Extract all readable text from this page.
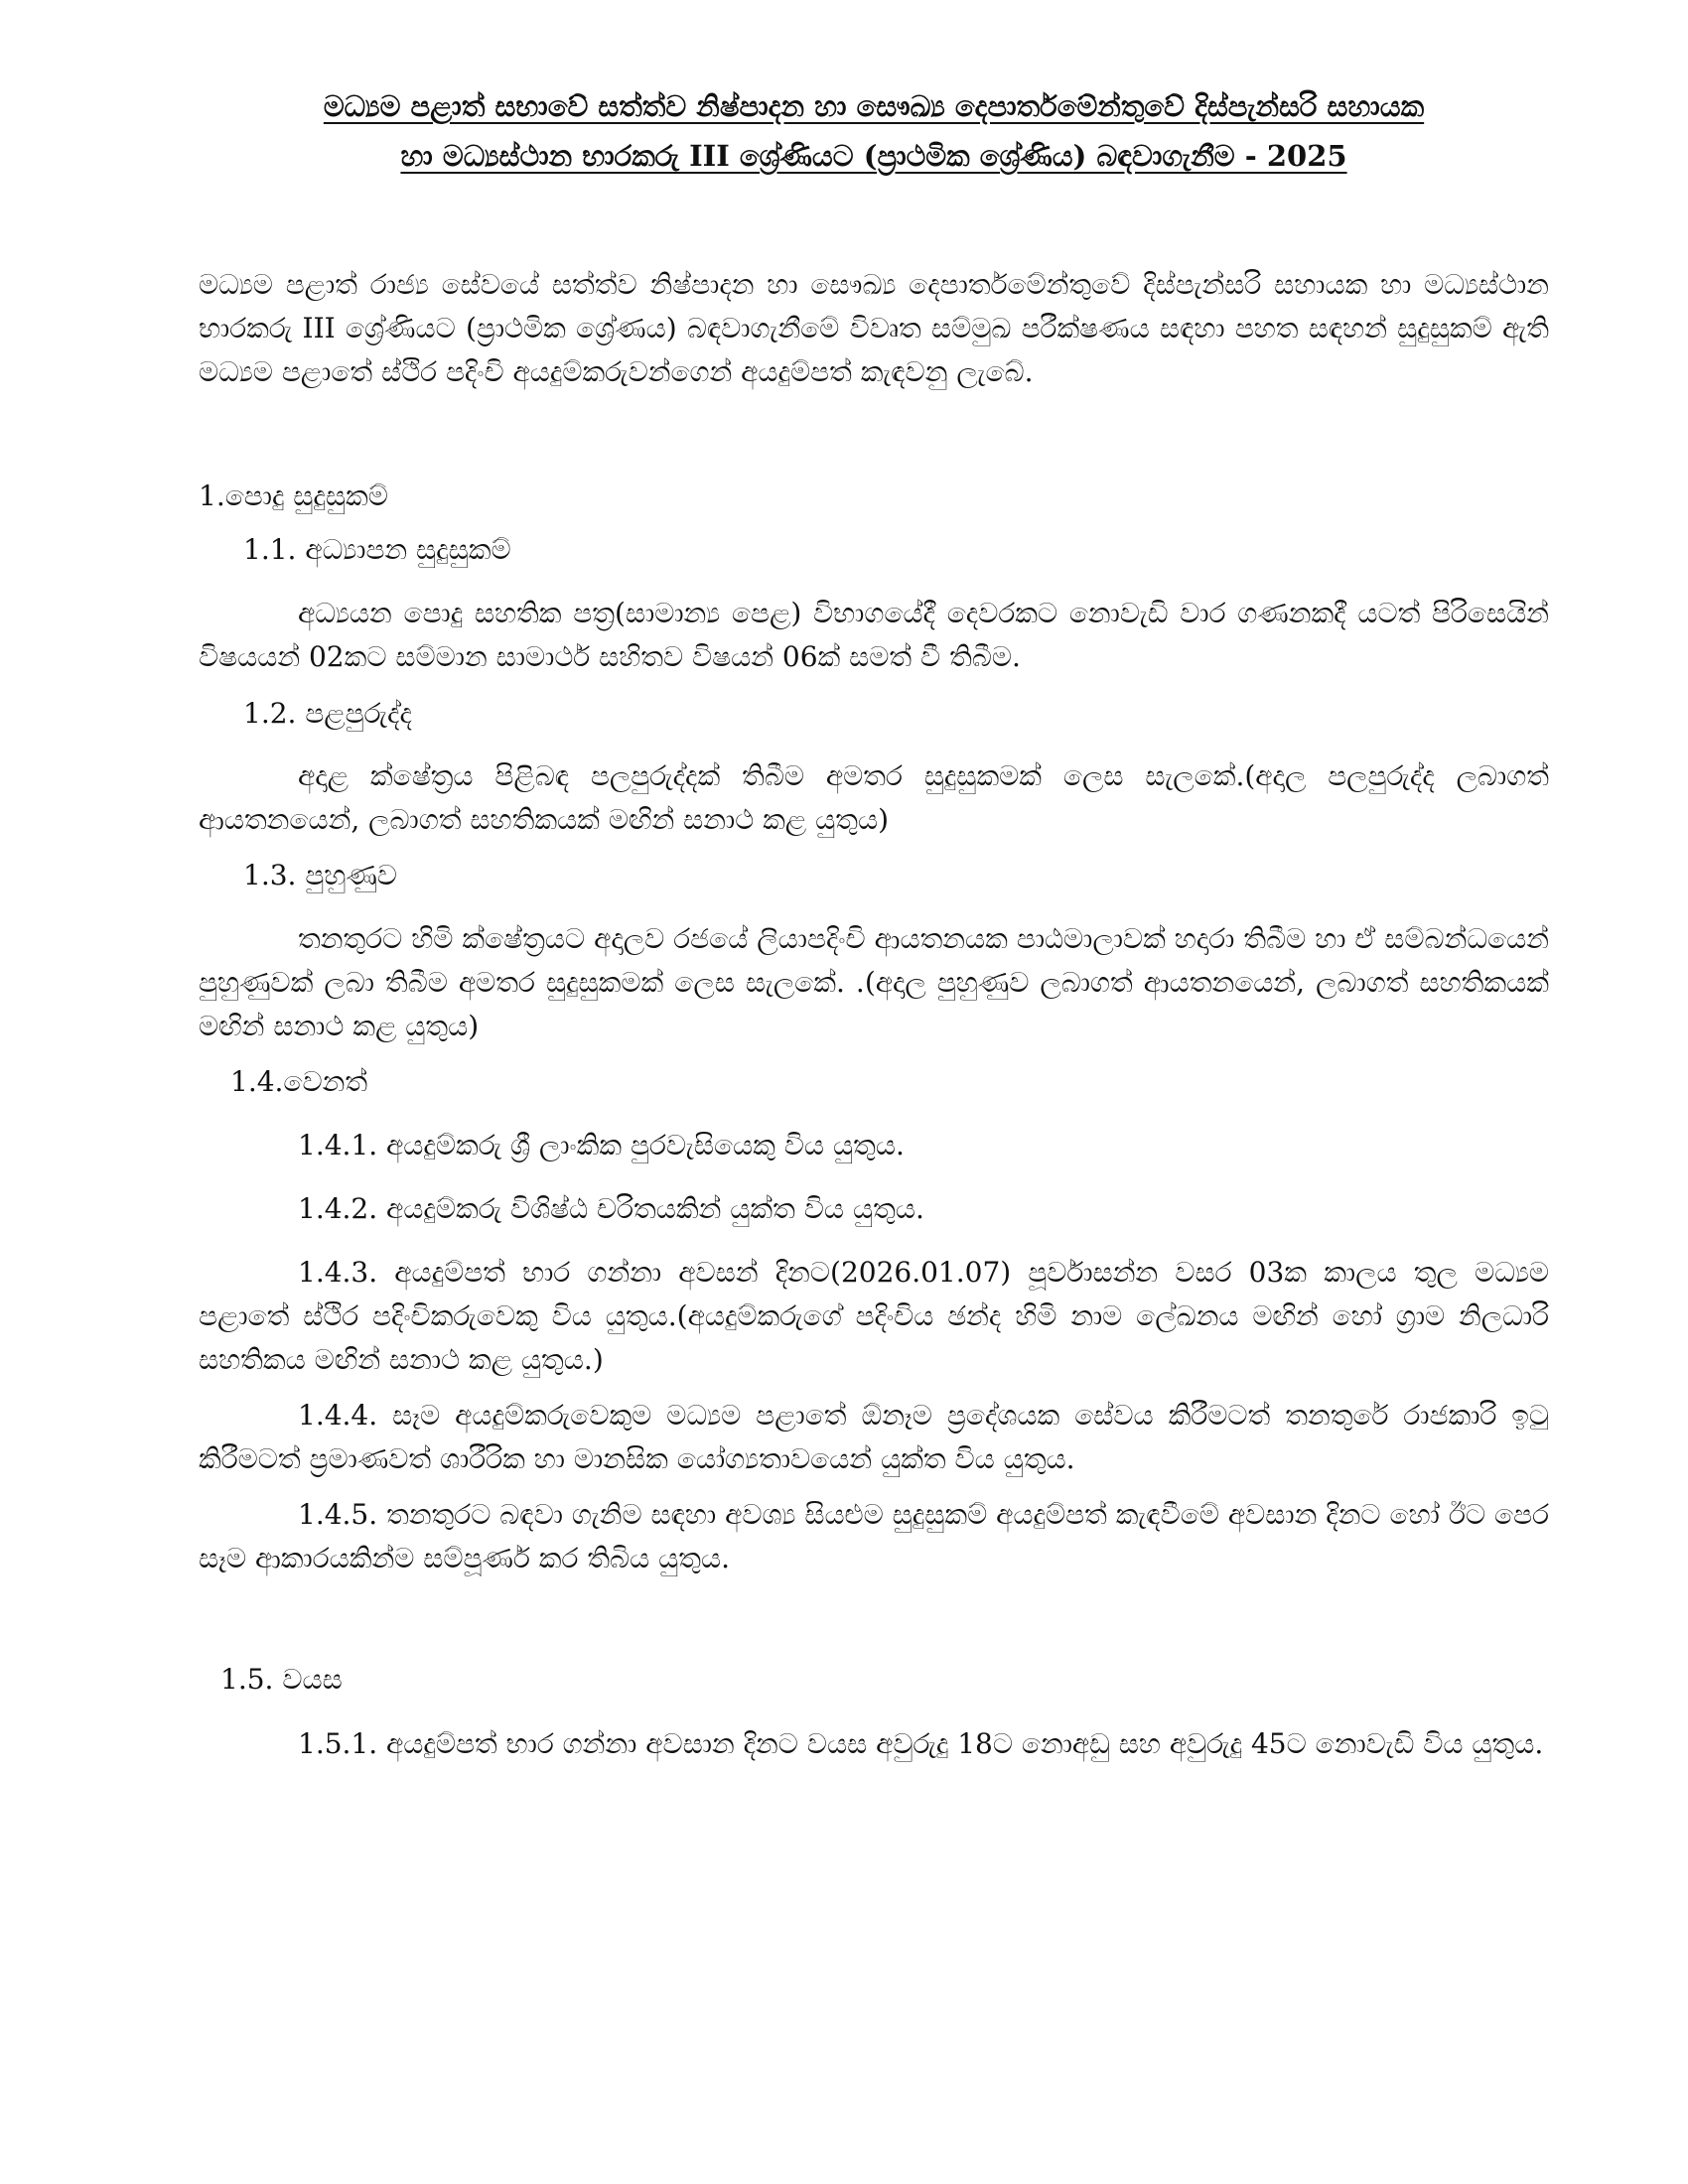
මධ්‍යම පළාත් සභාවේ සත්ත්ව නිෂ්පාදන හා සෞඛ්‍ය දෙපාර්තමේන්තුවේ දිස්පැන්සරි සහායක
හා මධ්‍යස්ථාන භාරකරු III ශ්‍රේණියට (ප්‍රාථමික ශ්‍රේණිය) බඳවාගැනීම - 2025
මධ්‍යම පළාත් රාජ්‍ය සේවයේ සත්ත්ව නිෂ්පාදන හා සෞඛ්‍ය දෙපාර්තමේන්තුවේ දිස්පැන්සරි සහායක හා මධ්‍යස්ථාන භාරකරු III ශ්‍රේණියට (ප්‍රාථමික ශ්‍රේණය) බඳවාගැනීමේ විවෘත සම්මුඛ පරීක්ෂණය සඳහා පහත සඳහන් සුදුසුකම් ඇති මධ්‍යම පළාතේ ස්ථිර පදිංචි අයදුම්කරුවන්ගෙන් අයදුම්පත් කැඳවනු ලැබේ.
1.පොදු සුදුසුකම්
1.1. අධ්‍යාපන සුදුසුකම්
අධ්‍යයන පොදු සහතික පත්‍ර(සාමාන්‍ය පෙළ) විභාගයේදී දෙවරකට නොවැඩි වාර ගණනකදී යටත් පිරිසෙයින් විෂයයන් 02කට සම්මාන සාමාර්ථ සහිතව විෂයන් 06ක් සමත් වී තිබීම.
1.2. පළපුරුද්ද
අදාළ ක්ෂේත්‍රය පිළිබඳ පලපුරුද්දක් තිබීම අමතර සුදුසුකමක් ලෙස සැලකේ.(අදාල පලපුරුද්ද ලබාගත් ආයතනයෙන්, ලබාගත් සහතිකයක් මඟින් සනාථ කළ යුතුය)
1.3. පුහුණුව
තනතුරට හිමි ක්ෂේත්‍රයට අදාලව රජයේ ලියාපදිංචි ආයතනයක පාඨමාලාවක් හදාරා තිබීම හා ඒ සම්බන්ධයෙන් පුහුණුවක් ලබා තිබීම අමතර සුදුසුකමක් ලෙස සැලකේ. .(අදාල පුහුණුව ලබාගත් ආයතනයෙන්, ලබාගත් සහතිකයක් මඟින් සනාථ කළ යුතුය)
1.4.වෙනත්
1.4.1. අයදුම්කරු ශ්‍රී ලාංකික පුරවැසියෙකු විය යුතුය.
1.4.2. අයදුම්කරු විශිෂ්ඨ චරිතයකින් යුක්ත විය යුතුය.
1.4.3. අයදුම්පත් භාර ගන්නා අවසන් දිනට(2026.01.07) පූර්වාසන්න වසර 03ක කාලය තුල මධ්‍යම පළාතේ ස්ථිර පදිංචිකරුවෙකු විය යුතුය.(අයදුම්කරුගේ පදිංචිය ඡන්ද හිමි නාම ලේඛනය මඟින් හෝ ග්‍රාම නිලධාරි සහතිකය මඟින් සනාථ කළ යුතුය.)
1.4.4. සෑම අයදුම්කරුවෙකුම මධ්‍යම පළාතේ ඕනෑම ප්‍රදේශයක සේවය කිරීමටත් තනතුරේ රාජකාරි ඉටු කිරීමටත් ප්‍රමාණවත් ශාරීරික හා මානසික යෝග්‍යතාවයෙන් යුක්ත විය යුතුය.
1.4.5. තනතුරට බඳවා ගැනිම සඳහා අවශ්‍ය සියළුම සුදුසුකම් අයදුම්පත් කැඳවීමේ අවසාන දිනට හෝ ඊට පෙර සෑම ආකාරයකින්ම සම්පූර්ණ කර තිබිය යුතුය.
1.5. වයස
1.5.1. අයදුම්පත් භාර ගන්නා අවසාන දිනට වයස අවුරුදු 18ට නොඅඩු සහ අවුරුදු 45ට නොවැඩි විය යුතුය.
